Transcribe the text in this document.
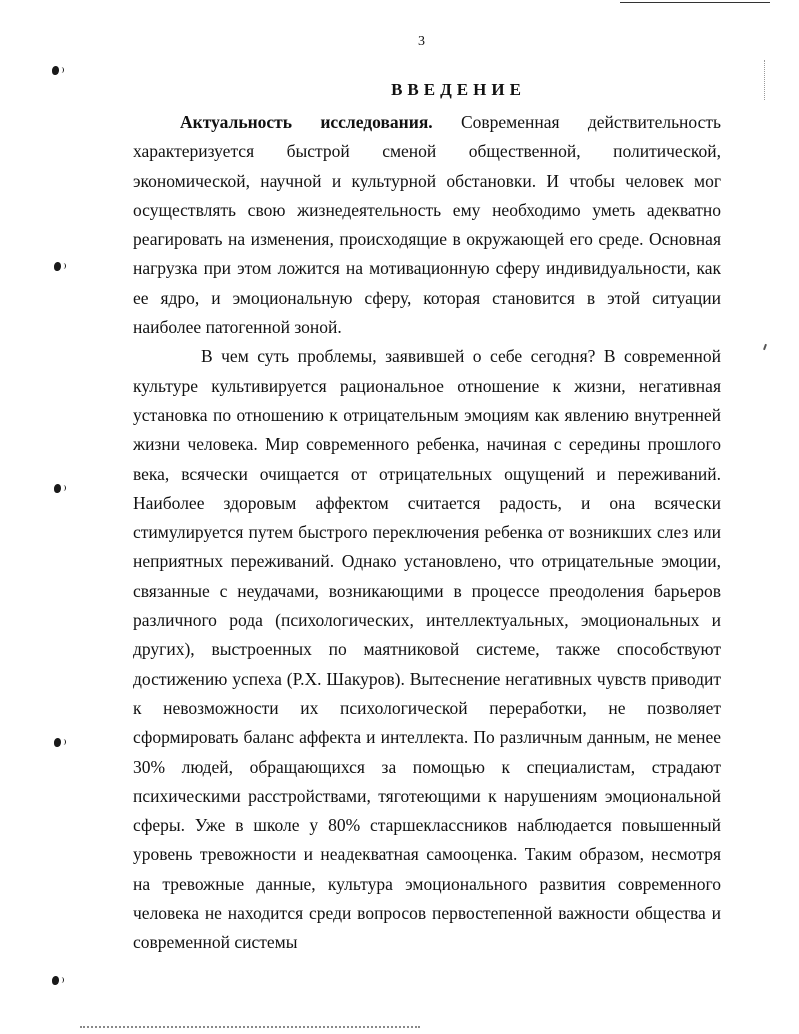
3
ВВЕДЕНИЕ

Актуальность исследования. Современная действительность характеризуется быстрой сменой общественной, политической, экономической, научной и культурной обстановки. И чтобы человек мог осуществлять свою жизнедеятельность ему необходимо уметь адекватно реагировать на изменения, происходящие в окружающей его среде. Основная нагрузка при этом ложится на мотивационную сферу индивидуальности, как ее ядро, и эмоциональную сферу, которая становится в этой ситуации наиболее патогенной зоной.

В чем суть проблемы, заявившей о себе сегодня? В современной культуре культивируется рациональное отношение к жизни, негативная установка по отношению к отрицательным эмоциям как явлению внутренней жизни человека. Мир современного ребенка, начиная с середины прошлого века, всячески очищается от отрицательных ощущений и переживаний. Наиболее здоровым аффектом считается радость, и она всячески стимулируется путем быстрого переключения ребенка от возникших слез или неприятных переживаний. Однако установлено, что отрицательные эмоции, связанные с неудачами, возникающими в процессе преодоления барьеров различного рода (психологических, интеллектуальных, эмоциональных и других), выстроенных по маятниковой системе, также способствуют достижению успеха (Р.Х. Шакуров). Вытеснение негативных чувств приводит к невозможности их психологической переработки, не позволяет сформировать баланс аффекта и интеллекта. По различным данным, не менее 30% людей, обращающихся за помощью к специалистам, страдают психическими расстройствами, тяготеющими к нарушениям эмоциональной сферы. Уже в школе у 80% старшеклассников наблюдается повышенный уровень тревожности и неадекватная самооценка. Таким образом, несмотря на тревожные данные, культура эмоционального развития современного человека не находится среди вопросов первостепенной важности общества и современной системы
